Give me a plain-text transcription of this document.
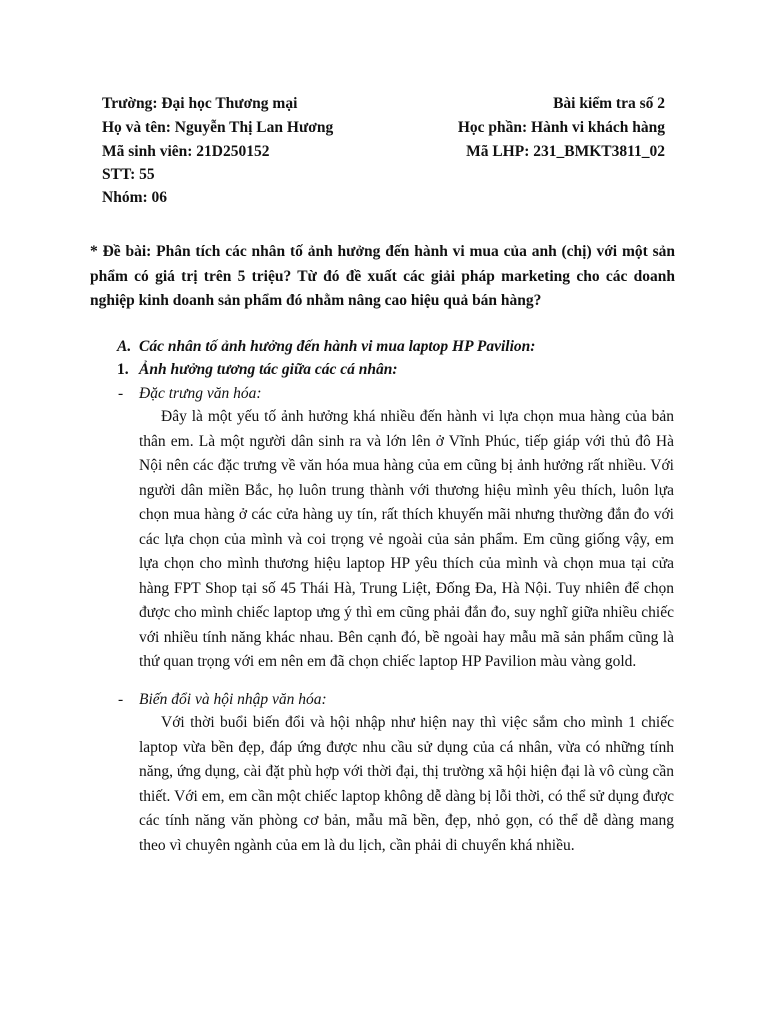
Trường: Đại học Thương mại	Bài kiểm tra số 2
Họ và tên: Nguyễn Thị Lan Hương	Học phần: Hành vi khách hàng
Mã sinh viên: 21D250152	Mã LHP: 231_BMKT3811_02
STT: 55
Nhóm: 06
* Đề bài: Phân tích các nhân tố ảnh hưởng đến hành vi mua của anh (chị) với một sản phẩm có giá trị trên 5 triệu? Từ đó đề xuất các giải pháp marketing cho các doanh nghiệp kinh doanh sản phẩm đó nhằm nâng cao hiệu quả bán hàng?
A. Các nhân tố ảnh hưởng đến hành vi mua laptop HP Pavilion:
1. Ảnh hưởng tương tác giữa các cá nhân:
- Đặc trưng văn hóa:
Đây là một yếu tố ảnh hưởng khá nhiều đến hành vi lựa chọn mua hàng của bản thân em. Là một người dân sinh ra và lớn lên ở Vĩnh Phúc, tiếp giáp với thủ đô Hà Nội nên các đặc trưng về văn hóa mua hàng của em cũng bị ảnh hưởng rất nhiều. Với người dân miền Bắc, họ luôn trung thành với thương hiệu mình yêu thích, luôn lựa chọn mua hàng ở các cửa hàng uy tín, rất thích khuyến mãi nhưng thường đắn đo với các lựa chọn của mình và coi trọng vẻ ngoài của sản phẩm. Em cũng giống vậy, em lựa chọn cho mình thương hiệu laptop HP yêu thích của mình và chọn mua tại cửa hàng FPT Shop tại số 45 Thái Hà, Trung Liệt, Đống Đa, Hà Nội. Tuy nhiên để chọn được cho mình chiếc laptop ưng ý thì em cũng phải đắn đo, suy nghĩ giữa nhiều chiếc với nhiều tính năng khác nhau. Bên cạnh đó, bề ngoài hay mẫu mã sản phẩm cũng là thứ quan trọng với em nên em đã chọn chiếc laptop HP Pavilion màu vàng gold.
- Biến đổi và hội nhập văn hóa:
Với thời buổi biến đổi và hội nhập như hiện nay thì việc sắm cho mình 1 chiếc laptop vừa bền đẹp, đáp ứng được nhu cầu sử dụng của cá nhân, vừa có những tính năng, ứng dụng, cài đặt phù hợp với thời đại, thị trường xã hội hiện đại là vô cùng cần thiết. Với em, em cần một chiếc laptop không dễ dàng bị lỗi thời, có thể sử dụng được các tính năng văn phòng cơ bản, mẫu mã bền, đẹp, nhỏ gọn, có thể dễ dàng mang theo vì chuyên ngành của em là du lịch, cần phải di chuyển khá nhiều.
